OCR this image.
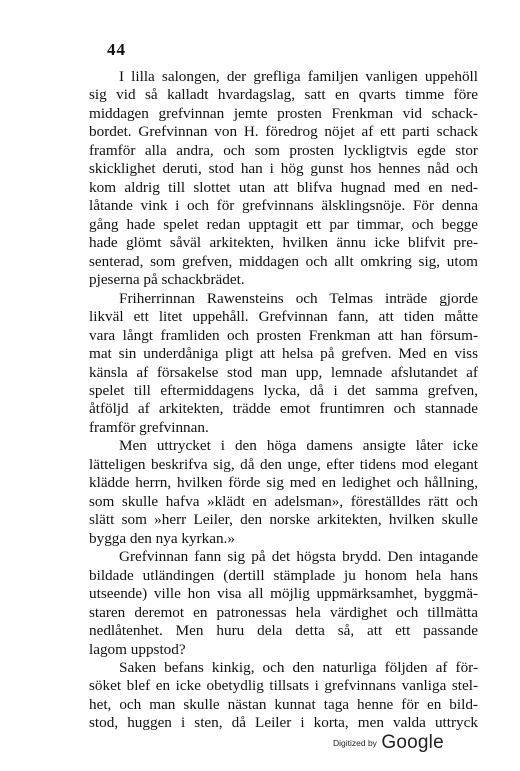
44
I lilla salongen, der grefliga familjen vanligen uppehöll
sig vid så kalladt hvardagslag, satt en qvarts timme före
middagen grefvinnan jemte prosten Frenkman vid schack-
bordet. Grefvinnan von H. föredrog nöjet af ett parti schack
framför alla andra, och som prosten lyckligtvis egde stor
skicklighet deruti, stod han i hög gunst hos hennes nåd och
kom aldrig till slottet utan att blifva hugnad med en ned-
låtande vink i och för grefvinnans älsklingsnöje. För denna
gång hade spelet redan upptagit ett par timmar, och begge
hade glömt såväl arkitekten, hvilken ännu icke blifvit pre-
senterad, som grefven, middagen och allt omkring sig, utom
pjeserna på schackbrädet.
Friherrinnan Rawensteins och Telmas inträde gjorde
likväl ett litet uppehåll. Grefvinnan fann, att tiden måtte
vara långt framliden och prosten Frenkman att han försum-
mat sin underdåniga pligt att helsa på grefven. Med en viss
känsla af försakelse stod man upp, lemnade afslutandet af
spelet till eftermiddagens lycka, då i det samma grefven,
åtföljd af arkitekten, trädde emot fruntimren och stannade
framför grefvinnan.
Men uttrycket i den höga damens ansigte låter icke
lätteligen beskrifva sig, då den unge, efter tidens mod elegant
klädde herrn, hvilken förde sig med en ledighet och hållning,
som skulle hafva »klädt en adelsman», föreställdes rätt och
slätt som »herr Leiler, den norske arkitekten, hvilken skulle
bygga den nya kyrkan.»
Grefvinnan fann sig på det högsta brydd. Den intagande
bildade utländingen (dertill stämplade ju honom hela hans
utseende) ville hon visa all möjlig uppmärksamhet, byggmä-
staren deremot en patronessas hela värdighet och tillmätta
nedlåtenhet. Men huru dela detta så, att ett passande
lagom uppstod?
Saken befans kinkig, och den naturliga följden af för-
söket blef en icke obetydlig tillsats i grefvinnans vanliga stel-
het, och man skulle nästan kunnat taga henne för en bild-
stod, huggen i sten, då Leiler i korta, men valda uttryck
Digitized by Google
